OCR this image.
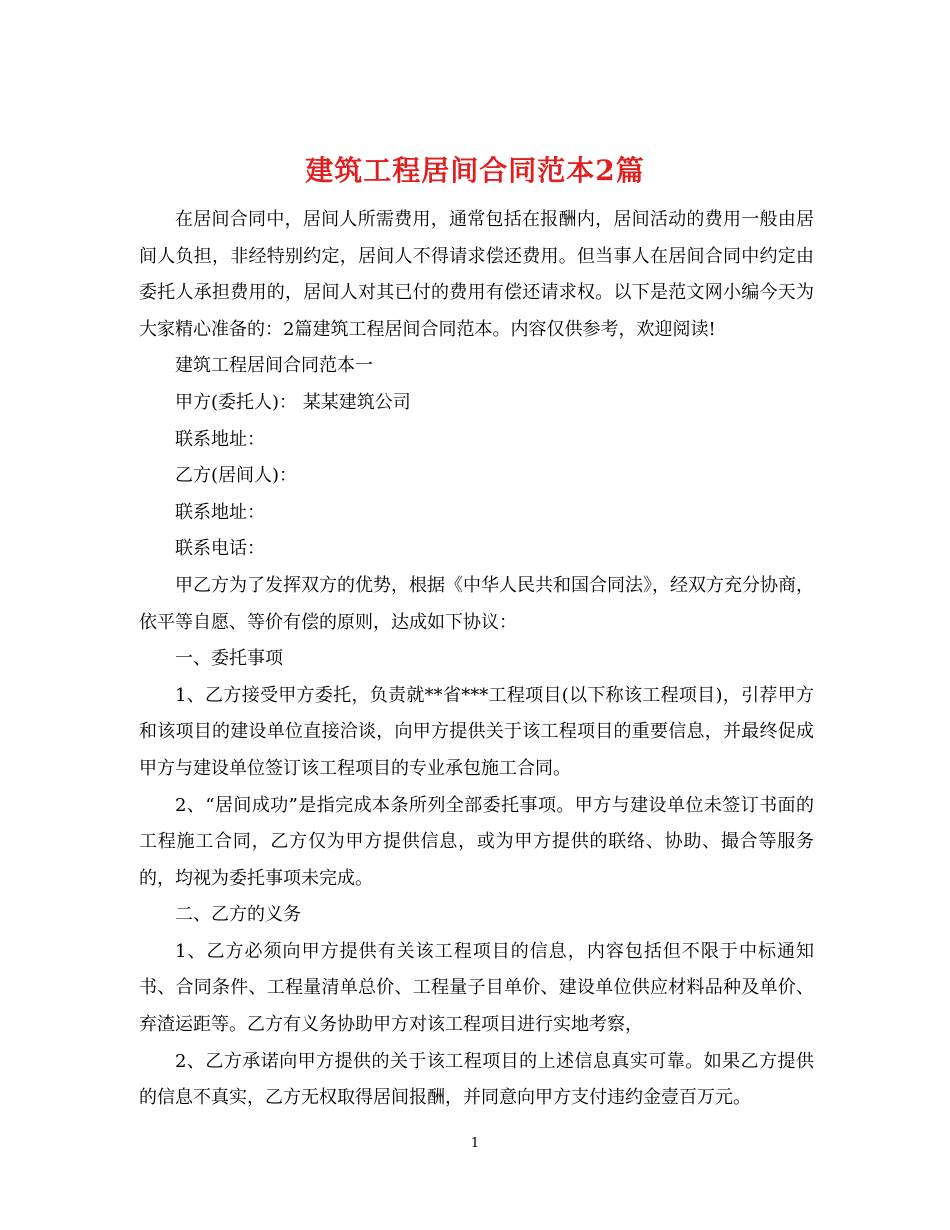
建筑工程居间合同范本2篇

在居间合同中，居间人所需费用，通常包括在报酬内，居间活动的费用一般由居间人负担，非经特别约定，居间人不得请求偿还费用。但当事人在居间合同中约定由委托人承担费用的，居间人对其已付的费用有偿还请求权。以下是范文网小编今天为大家精心准备的：2篇建筑工程居间合同范本。内容仅供参考，欢迎阅读!

建筑工程居间合同范本一

甲方(委托人)： 某某建筑公司

联系地址：

乙方(居间人)：

联系地址：

联系电话：

甲乙方为了发挥双方的优势，根据《中华人民共和国合同法》，经双方充分协商，依平等自愿、等价有偿的原则，达成如下协议：

一、委托事项

1、乙方接受甲方委托，负责就**省***工程项目(以下称该工程项目)，引荐甲方和该项目的建设单位直接洽谈，向甲方提供关于该工程项目的重要信息，并最终促成甲方与建设单位签订该工程项目的专业承包施工合同。

2、“居间成功”是指完成本条所列全部委托事项。甲方与建设单位未签订书面的工程施工合同，乙方仅为甲方提供信息，或为甲方提供的联络、协助、撮合等服务的，均视为委托事项未完成。

二、乙方的义务

1、乙方必须向甲方提供有关该工程项目的信息，内容包括但不限于中标通知书、合同条件、工程量清单总价、工程量子目单价、建设单位供应材料品种及单价、弃渣运距等。乙方有义务协助甲方对该工程项目进行实地考察，

2、乙方承诺向甲方提供的关于该工程项目的上述信息真实可靠。如果乙方提供的信息不真实，乙方无权取得居间报酬，并同意向甲方支付违约金壹百万元。

1
